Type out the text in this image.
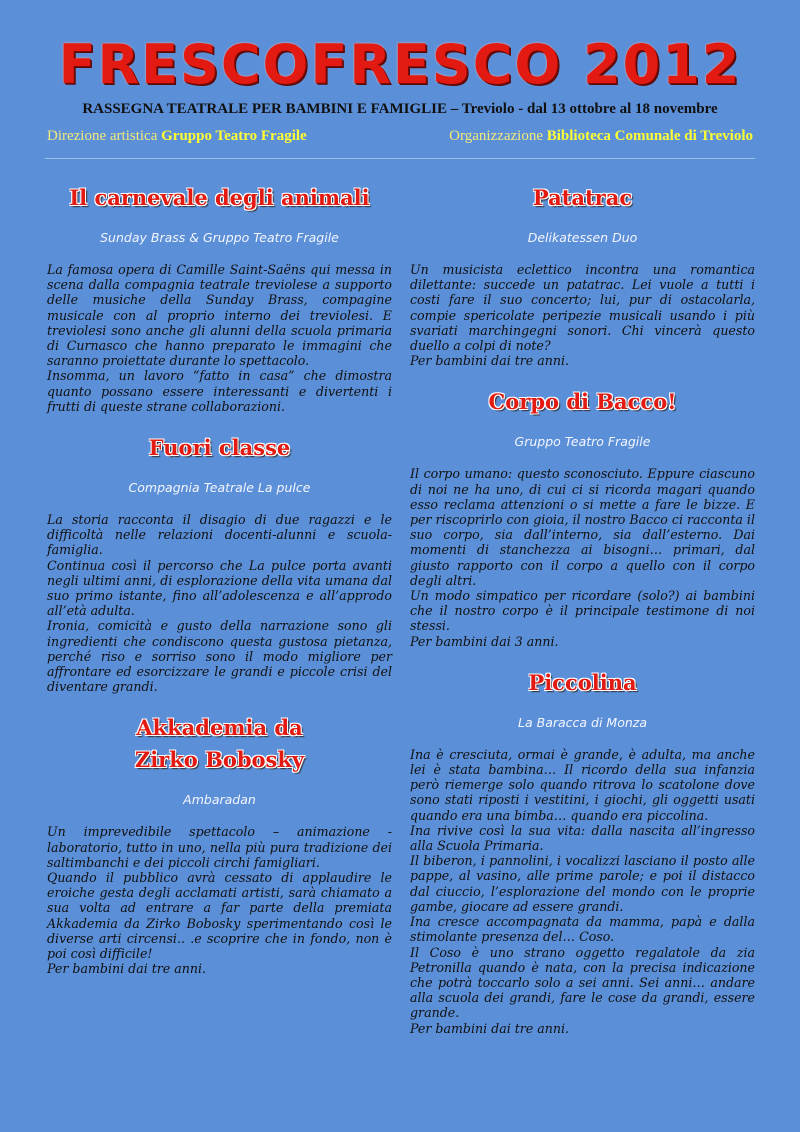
FRESCOFRESCO 2012
RASSEGNA TEATRALE PER BAMBINI E FAMIGLIE – Treviolo - dal 13 ottobre al 18 novembre
Direzione artistica Gruppo Teatro Fragile	Organizzazione Biblioteca Comunale di Treviolo
Il carnevale degli animali
Sunday Brass & Gruppo Teatro Fragile

La famosa opera di Camille Saint-Saëns qui messa in scena dalla compagnia teatrale treviolese a supporto delle musiche della Sunday Brass, compagine musicale con al proprio interno dei treviolesi. E treviolesi sono anche gli alunni della scuola primaria di Curnasco che hanno preparato le immagini che saranno proiettate durante lo spettacolo.
Insomma, un lavoro “fatto in casa” che dimostra quanto possano essere interessanti e divertenti i frutti di queste strane collaborazioni.

Fuori classe
Compagnia Teatrale La pulce

La storia racconta il disagio di due ragazzi e le difficoltà nelle relazioni docenti-alunni e scuola-famiglia.
Continua così il percorso che La pulce porta avanti negli ultimi anni, di esplorazione della vita umana dal suo primo istante, fino all’adolescenza e all’approdo all’età adulta.
Ironia, comicità e gusto della narrazione sono gli ingredienti che condiscono questa gustosa pietanza, perché riso e sorriso sono il modo migliore per affrontare ed esorcizzare le grandi e piccole crisi del diventare grandi.

Akkademia da Zirko Bobosky
Ambaradan

Un imprevedibile spettacolo – animazione - laboratorio, tutto in uno, nella più pura tradizione dei saltimbanchi e dei piccoli circhi famigliari.
Quando il pubblico avrà cessato di applaudire le eroiche gesta degli acclamati artisti, sarà chiamato a sua volta ad entrare a far parte della premiata Akkademia da Zirko Bobosky sperimentando così le diverse arti circensi.. .e scoprire che in fondo, non è poi così difficile!
Per bambini dai tre anni.

Patatrac
Delikatessen Duo

Un musicista eclettico incontra una romantica dilettante: succede un patatrac. Lei vuole a tutti i costi fare il suo concerto; lui, pur di ostacolarla, compie spericolate peripezie musicali usando i più svariati marchingegni sonori. Chi vincerà questo duello a colpi di note?
Per bambini dai tre anni.

Corpo di Bacco!
Gruppo Teatro Fragile

Il corpo umano: questo sconosciuto. Eppure ciascuno di noi ne ha uno, di cui ci si ricorda magari quando esso reclama attenzioni o si mette a fare le bizze. E per riscoprirlo con gioia, il nostro Bacco ci racconta il suo corpo, sia dall’interno, sia dall’esterno. Dai momenti di stanchezza ai bisogni… primari, dal giusto rapporto con il corpo a quello con il corpo degli altri.
Un modo simpatico per ricordare (solo?) ai bambini che il nostro corpo è il principale testimone di noi stessi.
Per bambini dai 3 anni.

Piccolina
La Baracca di Monza

Ina è cresciuta, ormai è grande, è adulta, ma anche lei è stata bambina… Il ricordo della sua infanzia però riemerge solo quando ritrova lo scatolone dove sono stati riposti i vestitini, i giochi, gli oggetti usati quando era una bimba… quando era piccolina.
Ina rivive così la sua vita: dalla nascita all’ingresso alla Scuola Primaria.
Il biberon, i pannolini, i vocalizzi lasciano il posto alle pappe, al vasino, alle prime parole; e poi il distacco dal ciuccio, l’esplorazione del mondo con le proprie gambe, giocare ad essere grandi.
Ina cresce accompagnata da mamma, papà e dalla stimolante presenza del… Coso.
Il Coso è uno strano oggetto regalatole da zia Petronilla quando è nata, con la precisa indicazione che potrà toccarlo solo a sei anni. Sei anni… andare alla scuola dei grandi, fare le cose da grandi, essere grande.
Per bambini dai tre anni.
